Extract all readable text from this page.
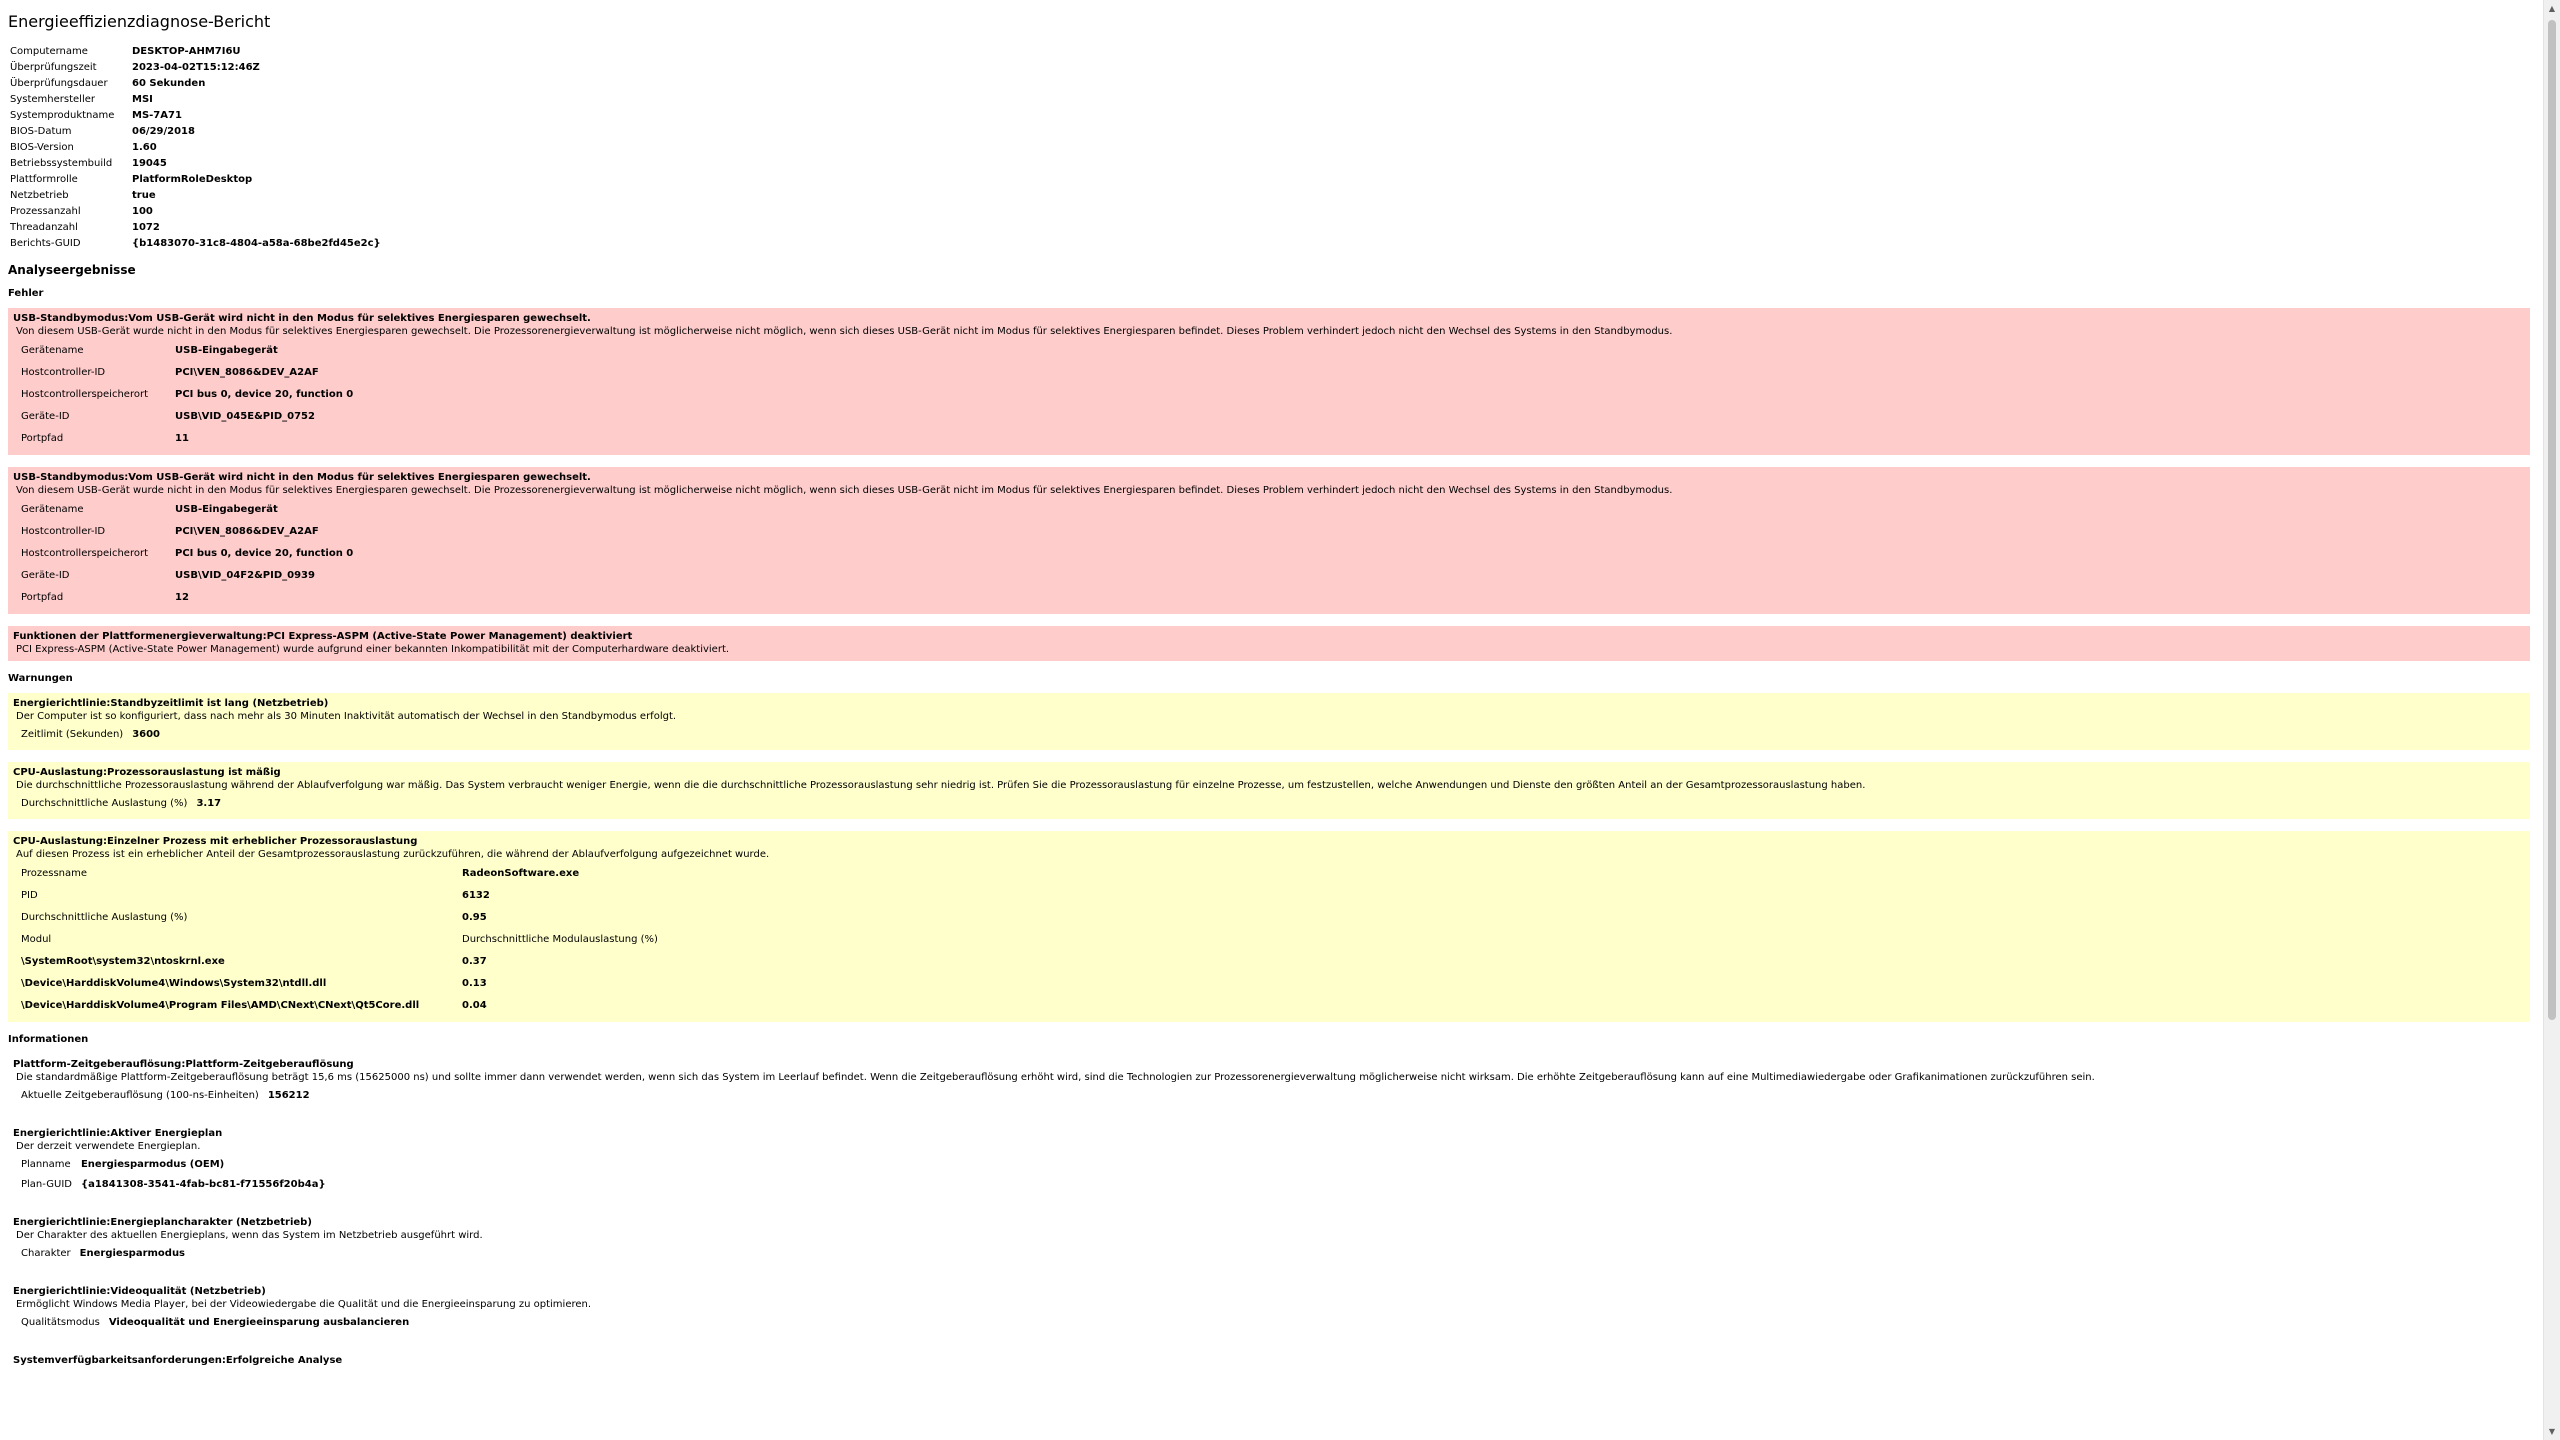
Energieeffizienzdiagnose-Bericht
Computername	DESKTOP-AHM7I6U
Überprüfungszeit	2023-04-02T15:12:46Z
Überprüfungsdauer	60 Sekunden
Systemhersteller	MSI
Systemproduktname	MS-7A71
BIOS-Datum	06/29/2018
BIOS-Version	1.60
Betriebssystembuild	19045
Plattformrolle	PlatformRoleDesktop
Netzbetrieb	true
Prozessanzahl	100
Threadanzahl	1072
Berichts-GUID	{b1483070-31c8-4804-a58a-68be2fd45e2c}
Analyseergebnisse
Fehler
USB-Standbymodus:Vom USB-Gerät wird nicht in den Modus für selektives Energiesparen gewechselt.
Von diesem USB-Gerät wurde nicht in den Modus für selektives Energiesparen gewechselt. Die Prozessorenergieverwaltung ist möglicherweise nicht möglich, wenn sich dieses USB-Gerät nicht im Modus für selektives Energiesparen befindet. Dieses Problem verhindert jedoch nicht den Wechsel des Systems in den Standbymodus.
Gerätename	USB-Eingabegerät
Hostcontroller-ID	PCI\VEN_8086&DEV_A2AF
Hostcontrollerspeicherort	PCI bus 0, device 20, function 0
Geräte-ID	USB\VID_045E&PID_0752
Portpfad	11
USB-Standbymodus:Vom USB-Gerät wird nicht in den Modus für selektives Energiesparen gewechselt.
Von diesem USB-Gerät wurde nicht in den Modus für selektives Energiesparen gewechselt. Die Prozessorenergieverwaltung ist möglicherweise nicht möglich, wenn sich dieses USB-Gerät nicht im Modus für selektives Energiesparen befindet. Dieses Problem verhindert jedoch nicht den Wechsel des Systems in den Standbymodus.
Gerätename	USB-Eingabegerät
Hostcontroller-ID	PCI\VEN_8086&DEV_A2AF
Hostcontrollerspeicherort	PCI bus 0, device 20, function 0
Geräte-ID	USB\VID_04F2&PID_0939
Portpfad	12
Funktionen der Plattformenergieverwaltung:PCI Express-ASPM (Active-State Power Management) deaktiviert
PCI Express-ASPM (Active-State Power Management) wurde aufgrund einer bekannten Inkompatibilität mit der Computerhardware deaktiviert.
Warnungen
Energierichtlinie:Standbyzeitlimit ist lang (Netzbetrieb)
Der Computer ist so konfiguriert, dass nach mehr als 30 Minuten Inaktivität automatisch der Wechsel in den Standbymodus erfolgt.
Zeitlimit (Sekunden)	3600
CPU-Auslastung:Prozessorauslastung ist mäßig
Die durchschnittliche Prozessorauslastung während der Ablaufverfolgung war mäßig. Das System verbraucht weniger Energie, wenn die die durchschnittliche Prozessorauslastung sehr niedrig ist. Prüfen Sie die Prozessorauslastung für einzelne Prozesse, um festzustellen, welche Anwendungen und Dienste den größten Anteil an der Gesamtprozessorauslastung haben.
Durchschnittliche Auslastung (%)	3.17
CPU-Auslastung:Einzelner Prozess mit erheblicher Prozessorauslastung
Auf diesen Prozess ist ein erheblicher Anteil der Gesamtprozessorauslastung zurückzuführen, die während der Ablaufverfolgung aufgezeichnet wurde.
Prozessname	RadeonSoftware.exe
PID	6132
Durchschnittliche Auslastung (%)	0.95
Modul	Durchschnittliche Modulauslastung (%)
\SystemRoot\system32\ntoskrnl.exe	0.37
\Device\HarddiskVolume4\Windows\System32\ntdll.dll	0.13
\Device\HarddiskVolume4\Program Files\AMD\CNext\CNext\Qt5Core.dll	0.04
Informationen
Plattform-Zeitgeberauflösung:Plattform-Zeitgeberauflösung
Die standardmäßige Plattform-Zeitgeberauflösung beträgt 15,6 ms (15625000 ns) und sollte immer dann verwendet werden, wenn sich das System im Leerlauf befindet. Wenn die Zeitgeberauflösung erhöht wird, sind die Technologien zur Prozessorenergieverwaltung möglicherweise nicht wirksam. Die erhöhte Zeitgeberauflösung kann auf eine Multimediawiedergabe oder Grafikanimationen zurückzuführen sein.
Aktuelle Zeitgeberauflösung (100-ns-Einheiten)	156212
Energierichtlinie:Aktiver Energieplan
Der derzeit verwendete Energieplan.
Planname	Energiesparmodus (OEM)
Plan-GUID	{a1841308-3541-4fab-bc81-f71556f20b4a}
Energierichtlinie:Energieplancharakter (Netzbetrieb)
Der Charakter des aktuellen Energieplans, wenn das System im Netzbetrieb ausgeführt wird.
Charakter	Energiesparmodus
Energierichtlinie:Videoqualität (Netzbetrieb)
Ermöglicht Windows Media Player, bei der Videowiedergabe die Qualität und die Energieeinsparung zu optimieren.
Qualitätsmodus	Videoqualität und Energieeinsparung ausbalancieren
Systemverfügbarkeitsanforderungen:Erfolgreiche Analyse
▲
▼
